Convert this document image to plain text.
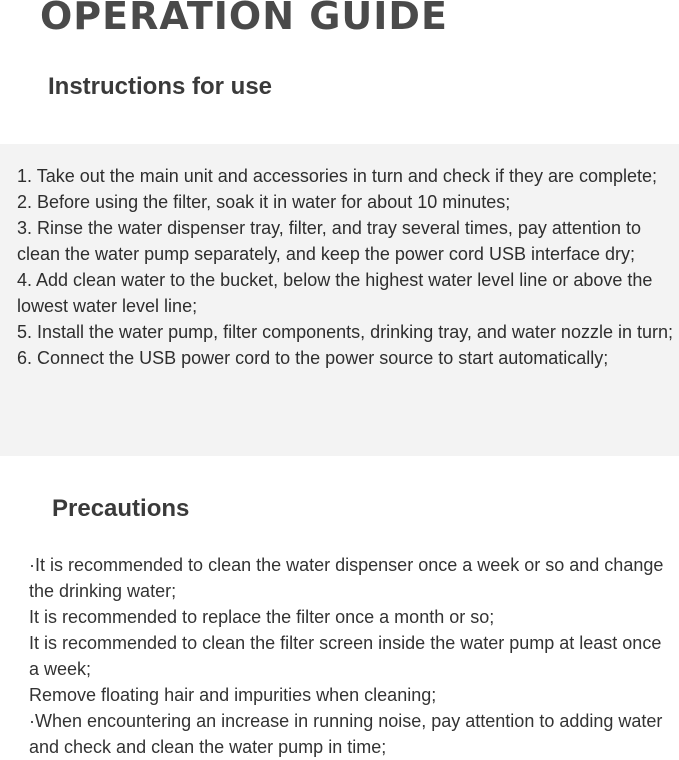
OPERATION GUIDE
Instructions for use
1. Take out the main unit and accessories in turn and check if they are complete;
2. Before using the filter, soak it in water for about 10 minutes;
3. Rinse the water dispenser tray, filter, and tray several times, pay attention to clean the water pump separately, and keep the power cord USB interface dry;
4. Add clean water to the bucket, below the highest water level line or above the lowest water level line;
5. Install the water pump, filter components, drinking tray, and water nozzle in turn;
6. Connect the USB power cord to the power source to start automatically;
Precautions
·It is recommended to clean the water dispenser once a week or so and change the drinking water;
It is recommended to replace the filter once a month or so;
It is recommended to clean the filter screen inside the water pump at least once a week;
Remove floating hair and impurities when cleaning;
·When encountering an increase in running noise, pay attention to adding water and check and clean the water pump in time;
